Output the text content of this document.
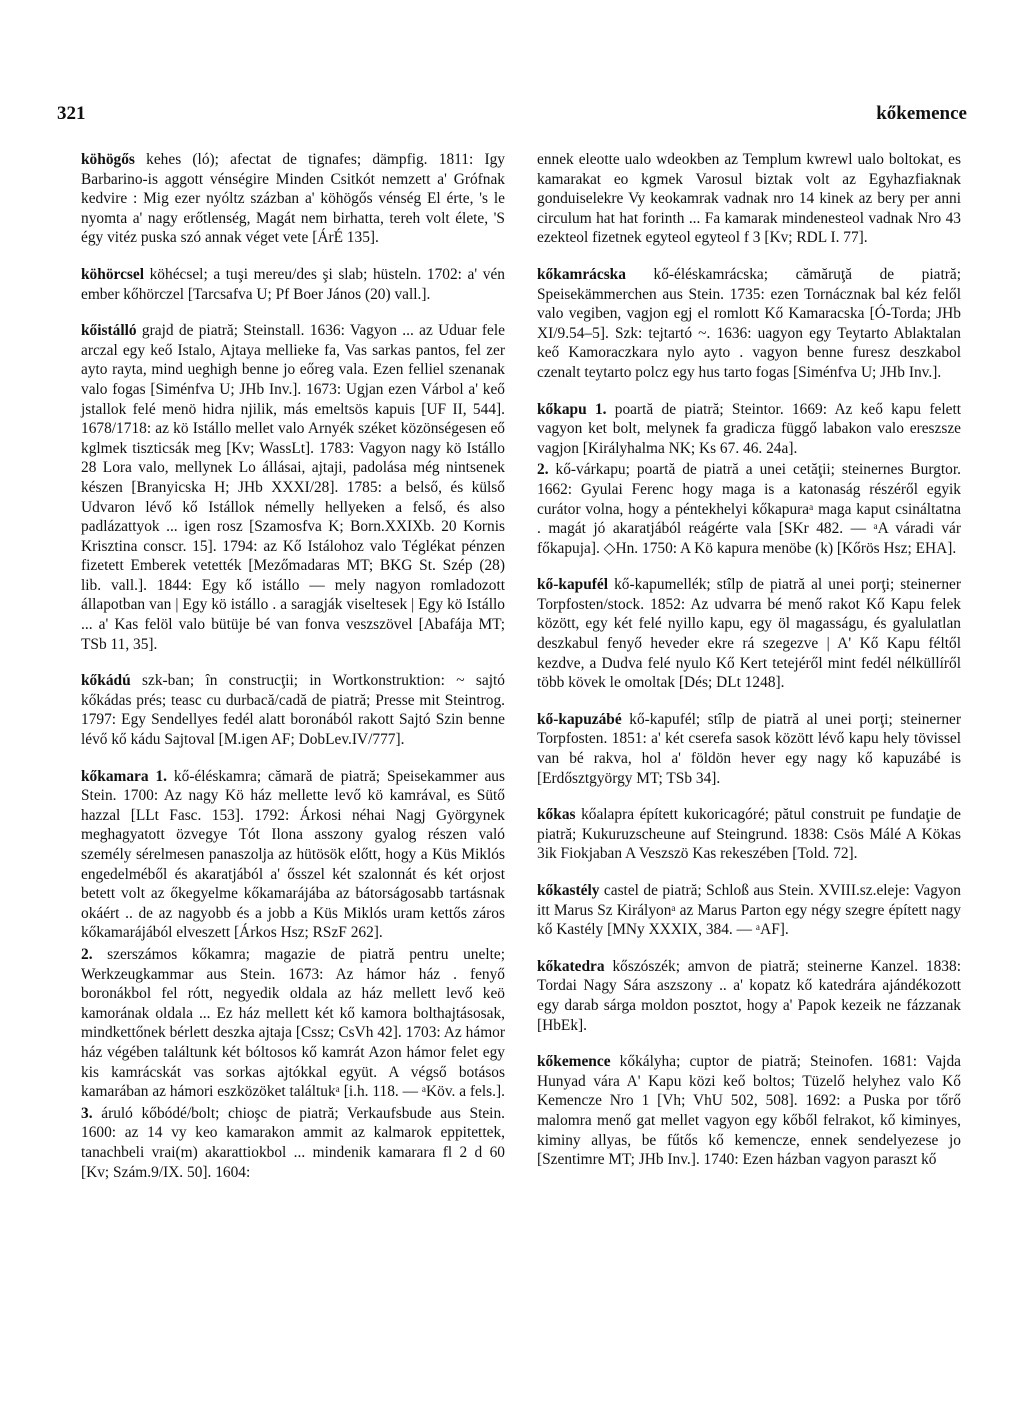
321	kőkemence
köhögős kehes (ló); afectat de tignafes; dämpfig. 1811: Igy Barbarino-is aggott vénségire Minden Csitkót nemzett a' Grófnak kedvire : Mig ezer nyóltz százban a' köhögős vénség El érte, 's le nyomta a' nagy erőtlenség, Magát nem birhatta, tereh volt élete, 'S égy vitéz puska szó annak véget vete [ÁrÉ 135].
köhörcsel köhécsel; a tuşi mereu/des şi slab; hüsteln. 1702: a' vén ember kőhörczel [Tarcsafva U; Pf Boer János (20) vall.].
kőistálló grajd de piatră; Steinstall. 1636: Vagyon ... az Uduar fele arczal egy keő Istalo, Ajtaya mellieke fa, Vas sarkas pantos, fel zer ayto rayta, mind ueghigh benne jo eőreg vala. Ezen felliel szenanak valo fogas [Siménfva U; JHb Inv.]. 1673: Ugjan ezen Várbol a' keő jstallok felé menö hidra njilik, más emeltsös kapuis [UF II, 544]. 1678/1718: az kö Istállo mellet valo Arnyék széket közönségesen eő kglmek tiszticsák meg [Kv; WassLt]. 1783: Vagyon nagy kö Istállo 28 Lora valo, mellynek Lo állásai, ajtaji, padolása még nintsenek készen [Branyicska H; JHb XXXI/28]. 1785: a belső, és külső Udvaron lévő kő Istállok némelly hellyeken a felső, és also padlázattyok ... igen rosz [Szamosfva K; Born.XXIXb. 20 Kornis Krisztina conscr. 15]. 1794: az Kő Istálohoz valo Téglékat pénzen fizetett Emberek vetették [Mezőmadaras MT; BKG St. Szép (28) lib. vall.]. 1844: Egy kő istállo — mely nagyon romladozott állapotban van | Egy kö istállo . a saragják viseltesek | Egy kö Istállo ... a' Kas felöl valo bütüje bé van fonva veszszövel [Abafája MT; TSb 11, 35].
kőkádú szk-ban; în construcţii; in Wortkonstruktion: ~ sajtó kőkádas prés; teasc cu durbacă/cadă de piatră; Presse mit Steintrog. 1797: Egy Sendellyes fedél alatt boronából rakott Sajtó Szin benne lévő kő kádu Sajtoval [M.igen AF; DobLev.IV/777].
kőkamara 1. kő-éléskamra; cămară de piatră; Speisekammer aus Stein. 1700: Az nagy Kö ház mellette levő kö kamrával, es Sütő hazzal [LLt Fasc. 153]. 1792: Árkosi néhai Nagj Györgynek meghagyatott özvegye Tót Ilona asszony gyalog részen való személy sérelmesen panaszolja az hütösök előtt, hogy a Küs Miklós engedelméből és akaratjából a' ősszel két szalonnát és két orjost betett volt az őkegyelme kőkamarájába az bátorságosabb tartásnak okáért .. de az nagyobb és a jobb a Küs Miklós uram kettős záros kőkamarájából elveszett [Árkos Hsz; RSzF 262].
2. szerszámos kőkamra; magazie de piatră pentru unelte; Werkzeugkammar aus Stein. 1673: Az hámor ház . fenyő boronákbol fel rótt, negyedik oldala az ház mellett levő keö kamorának oldala ... Ez ház mellett két kő kamora bolthajtásosak, mindkettőnek bérlett deszka ajtaja [Cssz; CsVh 42]. 1703: Az hámor ház végében találtunk két bóltosos kő kamrát Azon hámor felet egy kis kamrácskát vas sorkas ajtókkal együt. A végső botásos kamarában az hámori eszközöket találtukᵃ [i.h. 118. — ᵃKöv. a fels.].
3. áruló kőbódé/bolt; chioşc de piatră; Verkaufsbude aus Stein. 1600: az 14 vy keo kamarakon ammit az kalmarok eppitettek, tanachbeli vrai(m) akarattiokbol ... mindenik kamarara fl 2 d 60 [Kv; Szám.9/IX. 50]. 1604:
ennek eleotte ualo wdeokben az Templum kwrewl ualo boltokat, es kamarakat eo kgmek Varosul biztak volt az Egyhazfiaknak gonduiselekre Vy keokamrak vadnak nro 14 kinek az bery per anni circulum hat hat forinth ... Fa kamarak mindenesteol vadnak Nro 43 ezekteol fizetnek egyteol egyteol f 3 [Kv; RDL I. 77].
kőkamrácska kő-éléskamrácska; cămăruţă de piatră; Speisekämmerchen aus Stein. 1735: ezen Tornácznak bal kéz felől valo vegiben, vagjon egj el romlott Kő Kamaracska [Ó-Torda; JHb XI/9.54–5]. Szk: tejtartó ~. 1636: uagyon egy Teytarto Ablaktalan keő Kamoraczkara nylo ayto . vagyon benne furesz deszkabol czenalt teytarto polcz egy hus tarto fogas [Siménfva U; JHb Inv.].
kőkapu 1. poartă de piatră; Steintor. 1669: Az keő kapu felett vagyon ket bolt, melynek fa gradicza függő labakon valo ereszsze vagjon [Királyhalma NK; Ks 67. 46. 24a].
2. kő-várkapu; poartă de piatră a unei cetăţii; steinernes Burgtor. 1662: Gyulai Ferenc hogy maga is a katonaság részéről egyik curátor volna, hogy a péntekhelyi kőkapuraᵃ maga kaput csináltatna . magát jó akaratjából reágérte vala [SKr 482. — ᵃA váradi vár főkapuja]. ◇Hn. 1750: A Kö kapura menöbe (k) [Kőrös Hsz; EHA].
kő-kapufél kő-kapumellék; stîlp de piatră al unei porţi; steinerner Torpfosten/stock. 1852: Az udvarra bé menő rakot Kő Kapu felek között, egy két felé nyillo kapu, egy öl magasságu, és gyalulatlan deszkabul fenyő heveder ekre rá szegezve | A' Kő Kapu féltől kezdve, a Dudva felé nyulo Kő Kert tetejéről mint fedél nélküllíről több kövek le omoltak [Dés; DLt 1248].
kő-kapuzábé kő-kapufél; stîlp de piatră al unei porţi; steinerner Torpfosten. 1851: a' két cserefa sasok között lévő kapu hely tövissel van bé rakva, hol a' földön hever egy nagy kő kapuzábé is [Erdősztgyörgy MT; TSb 34].
kőkas kőalapra épített kukoricagóré; pătul construit pe fundaţie de piatră; Kukuruzscheune auf Steingrund. 1838: Csös Málé A Kökas 3ik Fiokjaban A Veszszö Kas rekeszében [Told. 72].
kőkastély castel de piatră; Schloß aus Stein. XVIII.sz.eleje: Vagyon itt Marus Sz Királyonᵃ az Marus Parton egy négy szegre épített nagy kő Kastély [MNy XXXIX, 384. — ᵃAF].
kőkatedra kőszószék; amvon de piatră; steinerne Kanzel. 1838: Tordai Nagy Sára aszszony .. a' kopatz kő katedrára ajándékozott egy darab sárga moldon posztot, hogy a' Papok kezeik ne fázzanak [HbEk].
kőkemence kőkályha; cuptor de piatră; Steinofen. 1681: Vajda Hunyad vára A' Kapu közi keő boltos; Tüzelő helyhez valo Kő Kemencze Nro 1 [Vh; VhU 502, 508]. 1692: a Puska por tőrő malomra menő gat mellet vagyon egy kőből felrakot, kő kiminyes, kiminy allyas, be fűtős kő kemencze, ennek sendelyezese jo [Szentimre MT; JHb Inv.]. 1740: Ezen házban vagyon paraszt kő
